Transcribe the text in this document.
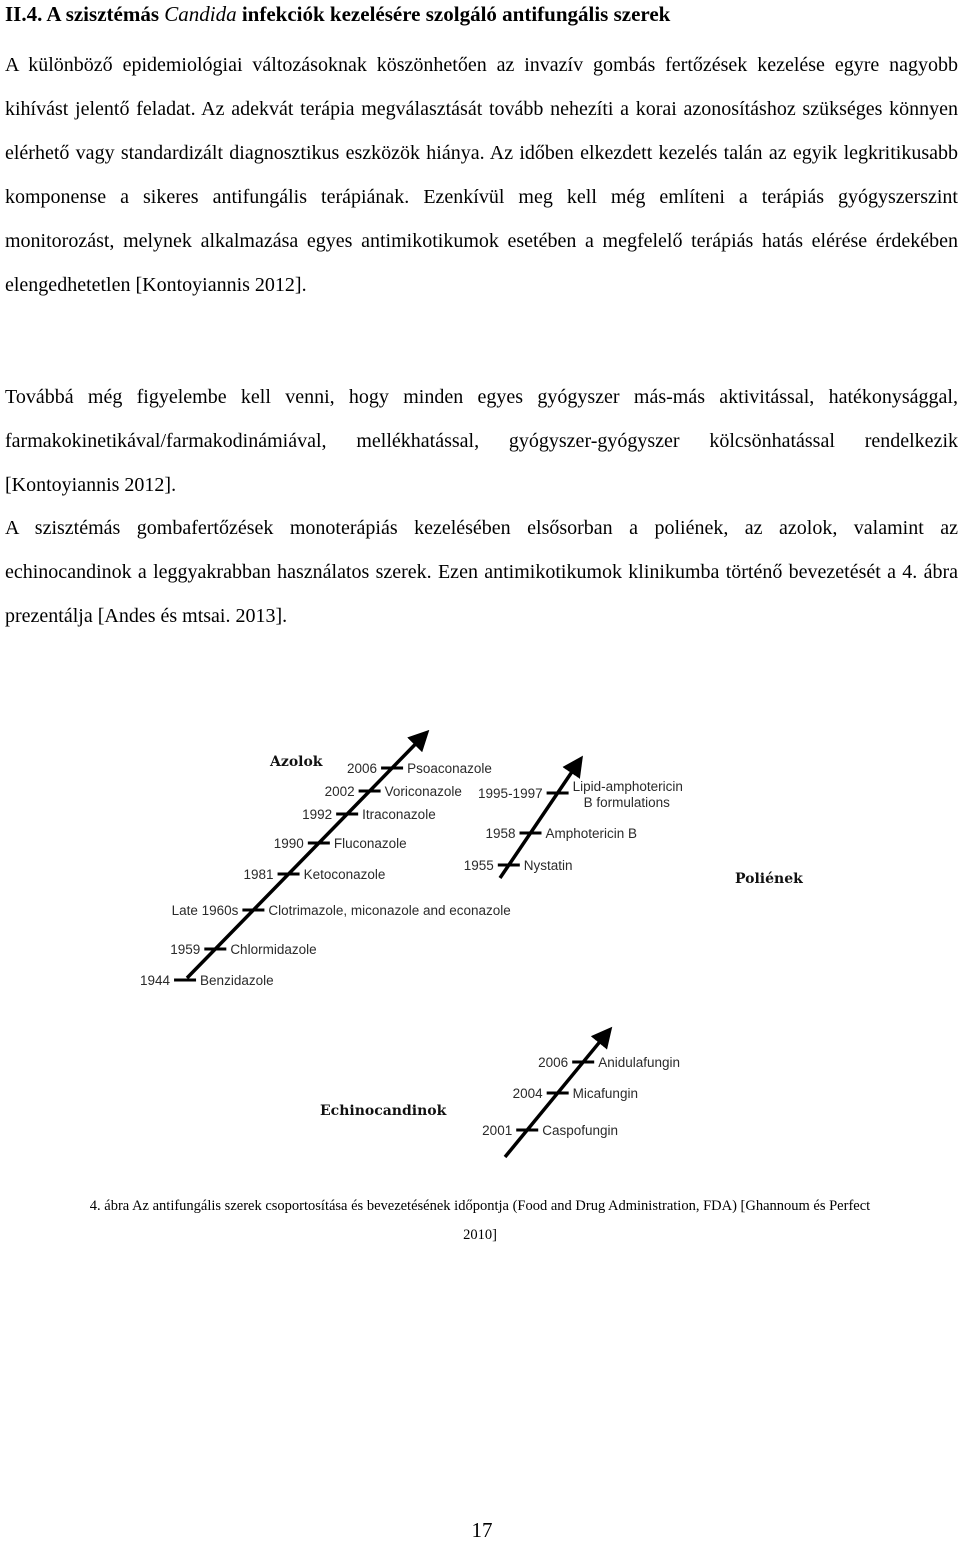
II.4. A szisztémás Candida infekciók kezelésére szolgáló antifungális szerek
A különböző epidemiológiai változásoknak köszönhetően az invazív gombás fertőzések kezelése egyre nagyobb kihívást jelentő feladat. Az adekvát terápia megválasztását tovább nehezíti a korai azonosításhoz szükséges könnyen elérhető vagy standardizált diagnosztikus eszközök hiánya. Az időben elkezdett kezelés talán az egyik legkritikusabb komponense a sikeres antifungális terápiának. Ezenkívül meg kell még említeni a terápiás gyógyszerszint monitorozást, melynek alkalmazása egyes antimikotikumok esetében a megfelelő terápiás hatás elérése érdekében elengedhetetlen [Kontoyiannis 2012].
Továbbá még figyelembe kell venni, hogy minden egyes gyógyszer más-más aktivitással, hatékonysággal, farmakokinetikával/farmakodinámiával, mellékhatással, gyógyszer-gyógyszer kölcsönhatással rendelkezik [Kontoyiannis 2012].
A szisztémás gombafertőzések monoterápiás kezelésében elsősorban a poliének, az azolok, valamint az echinocandinok a leggyakrabban használatos szerek. Ezen antimikotikumok klinikumba történő bevezetését a 4. ábra prezentálja [Andes és mtsai. 2013].
Azolok
1944 Benzidazole
1959 Chlormidazole
Late 1960s Clotrimazole, miconazole and econazole
1981 Ketoconazole
1990 Fluconazole
1992 Itraconazole
2002 Voriconazole
2006 Psoaconazole
Poliének
1955 Nystatin
1958 Amphotericin B
1995-1997 Lipid-amphotericin
B formulations
Echinocandinok
2001 Caspofungin
2004 Micafungin
2006 Anidulafungin
4. ábra Az antifungális szerek csoportosítása és bevezetésének időpontja (Food and Drug Administration, FDA) [Ghannoum és Perfect
2010]
17
